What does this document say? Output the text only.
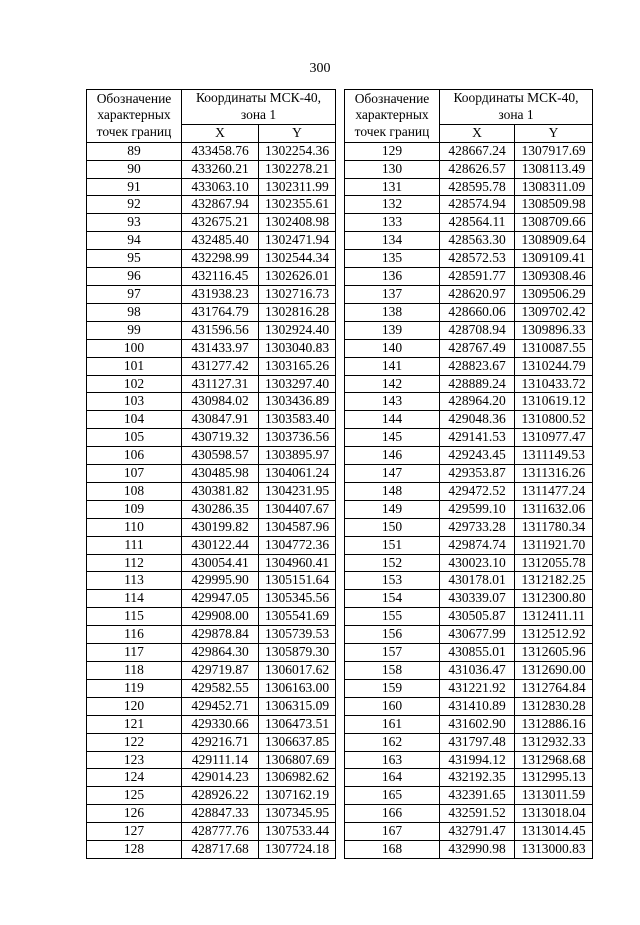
300
Обозначение
характерных
точек границ	Координаты МСК-40,
зона 1	
	X	Y
89	433458.76	1302254.36
90	433260.21	1302278.21
91	433063.10	1302311.99
92	432867.94	1302355.61
93	432675.21	1302408.98
94	432485.40	1302471.94
95	432298.99	1302544.34
96	432116.45	1302626.01
97	431938.23	1302716.73
98	431764.79	1302816.28
99	431596.56	1302924.40
100	431433.97	1303040.83
101	431277.42	1303165.26
102	431127.31	1303297.40
103	430984.02	1303436.89
104	430847.91	1303583.40
105	430719.32	1303736.56
106	430598.57	1303895.97
107	430485.98	1304061.24
108	430381.82	1304231.95
109	430286.35	1304407.67
110	430199.82	1304587.96
111	430122.44	1304772.36
112	430054.41	1304960.41
113	429995.90	1305151.64
114	429947.05	1305345.56
115	429908.00	1305541.69
116	429878.84	1305739.53
117	429864.30	1305879.30
118	429719.87	1306017.62
119	429582.55	1306163.00
120	429452.71	1306315.09
121	429330.66	1306473.51
122	429216.71	1306637.85
123	429111.14	1306807.69
124	429014.23	1306982.62
125	428926.22	1307162.19
126	428847.33	1307345.95
127	428777.76	1307533.44
128	428717.68	1307724.18
Обозначение
характерных
точек границ	Координаты МСК-40,
зона 1	
	X	Y
129	428667.24	1307917.69
130	428626.57	1308113.49
131	428595.78	1308311.09
132	428574.94	1308509.98
133	428564.11	1308709.66
134	428563.30	1308909.64
135	428572.53	1309109.41
136	428591.77	1309308.46
137	428620.97	1309506.29
138	428660.06	1309702.42
139	428708.94	1309896.33
140	428767.49	1310087.55
141	428823.67	1310244.79
142	428889.24	1310433.72
143	428964.20	1310619.12
144	429048.36	1310800.52
145	429141.53	1310977.47
146	429243.45	1311149.53
147	429353.87	1311316.26
148	429472.52	1311477.24
149	429599.10	1311632.06
150	429733.28	1311780.34
151	429874.74	1311921.70
152	430023.10	1312055.78
153	430178.01	1312182.25
154	430339.07	1312300.80
155	430505.87	1312411.11
156	430677.99	1312512.92
157	430855.01	1312605.96
158	431036.47	1312690.00
159	431221.92	1312764.84
160	431410.89	1312830.28
161	431602.90	1312886.16
162	431797.48	1312932.33
163	431994.12	1312968.68
164	432192.35	1312995.13
165	432391.65	1313011.59
166	432591.52	1313018.04
167	432791.47	1313014.45
168	432990.98	1313000.83
